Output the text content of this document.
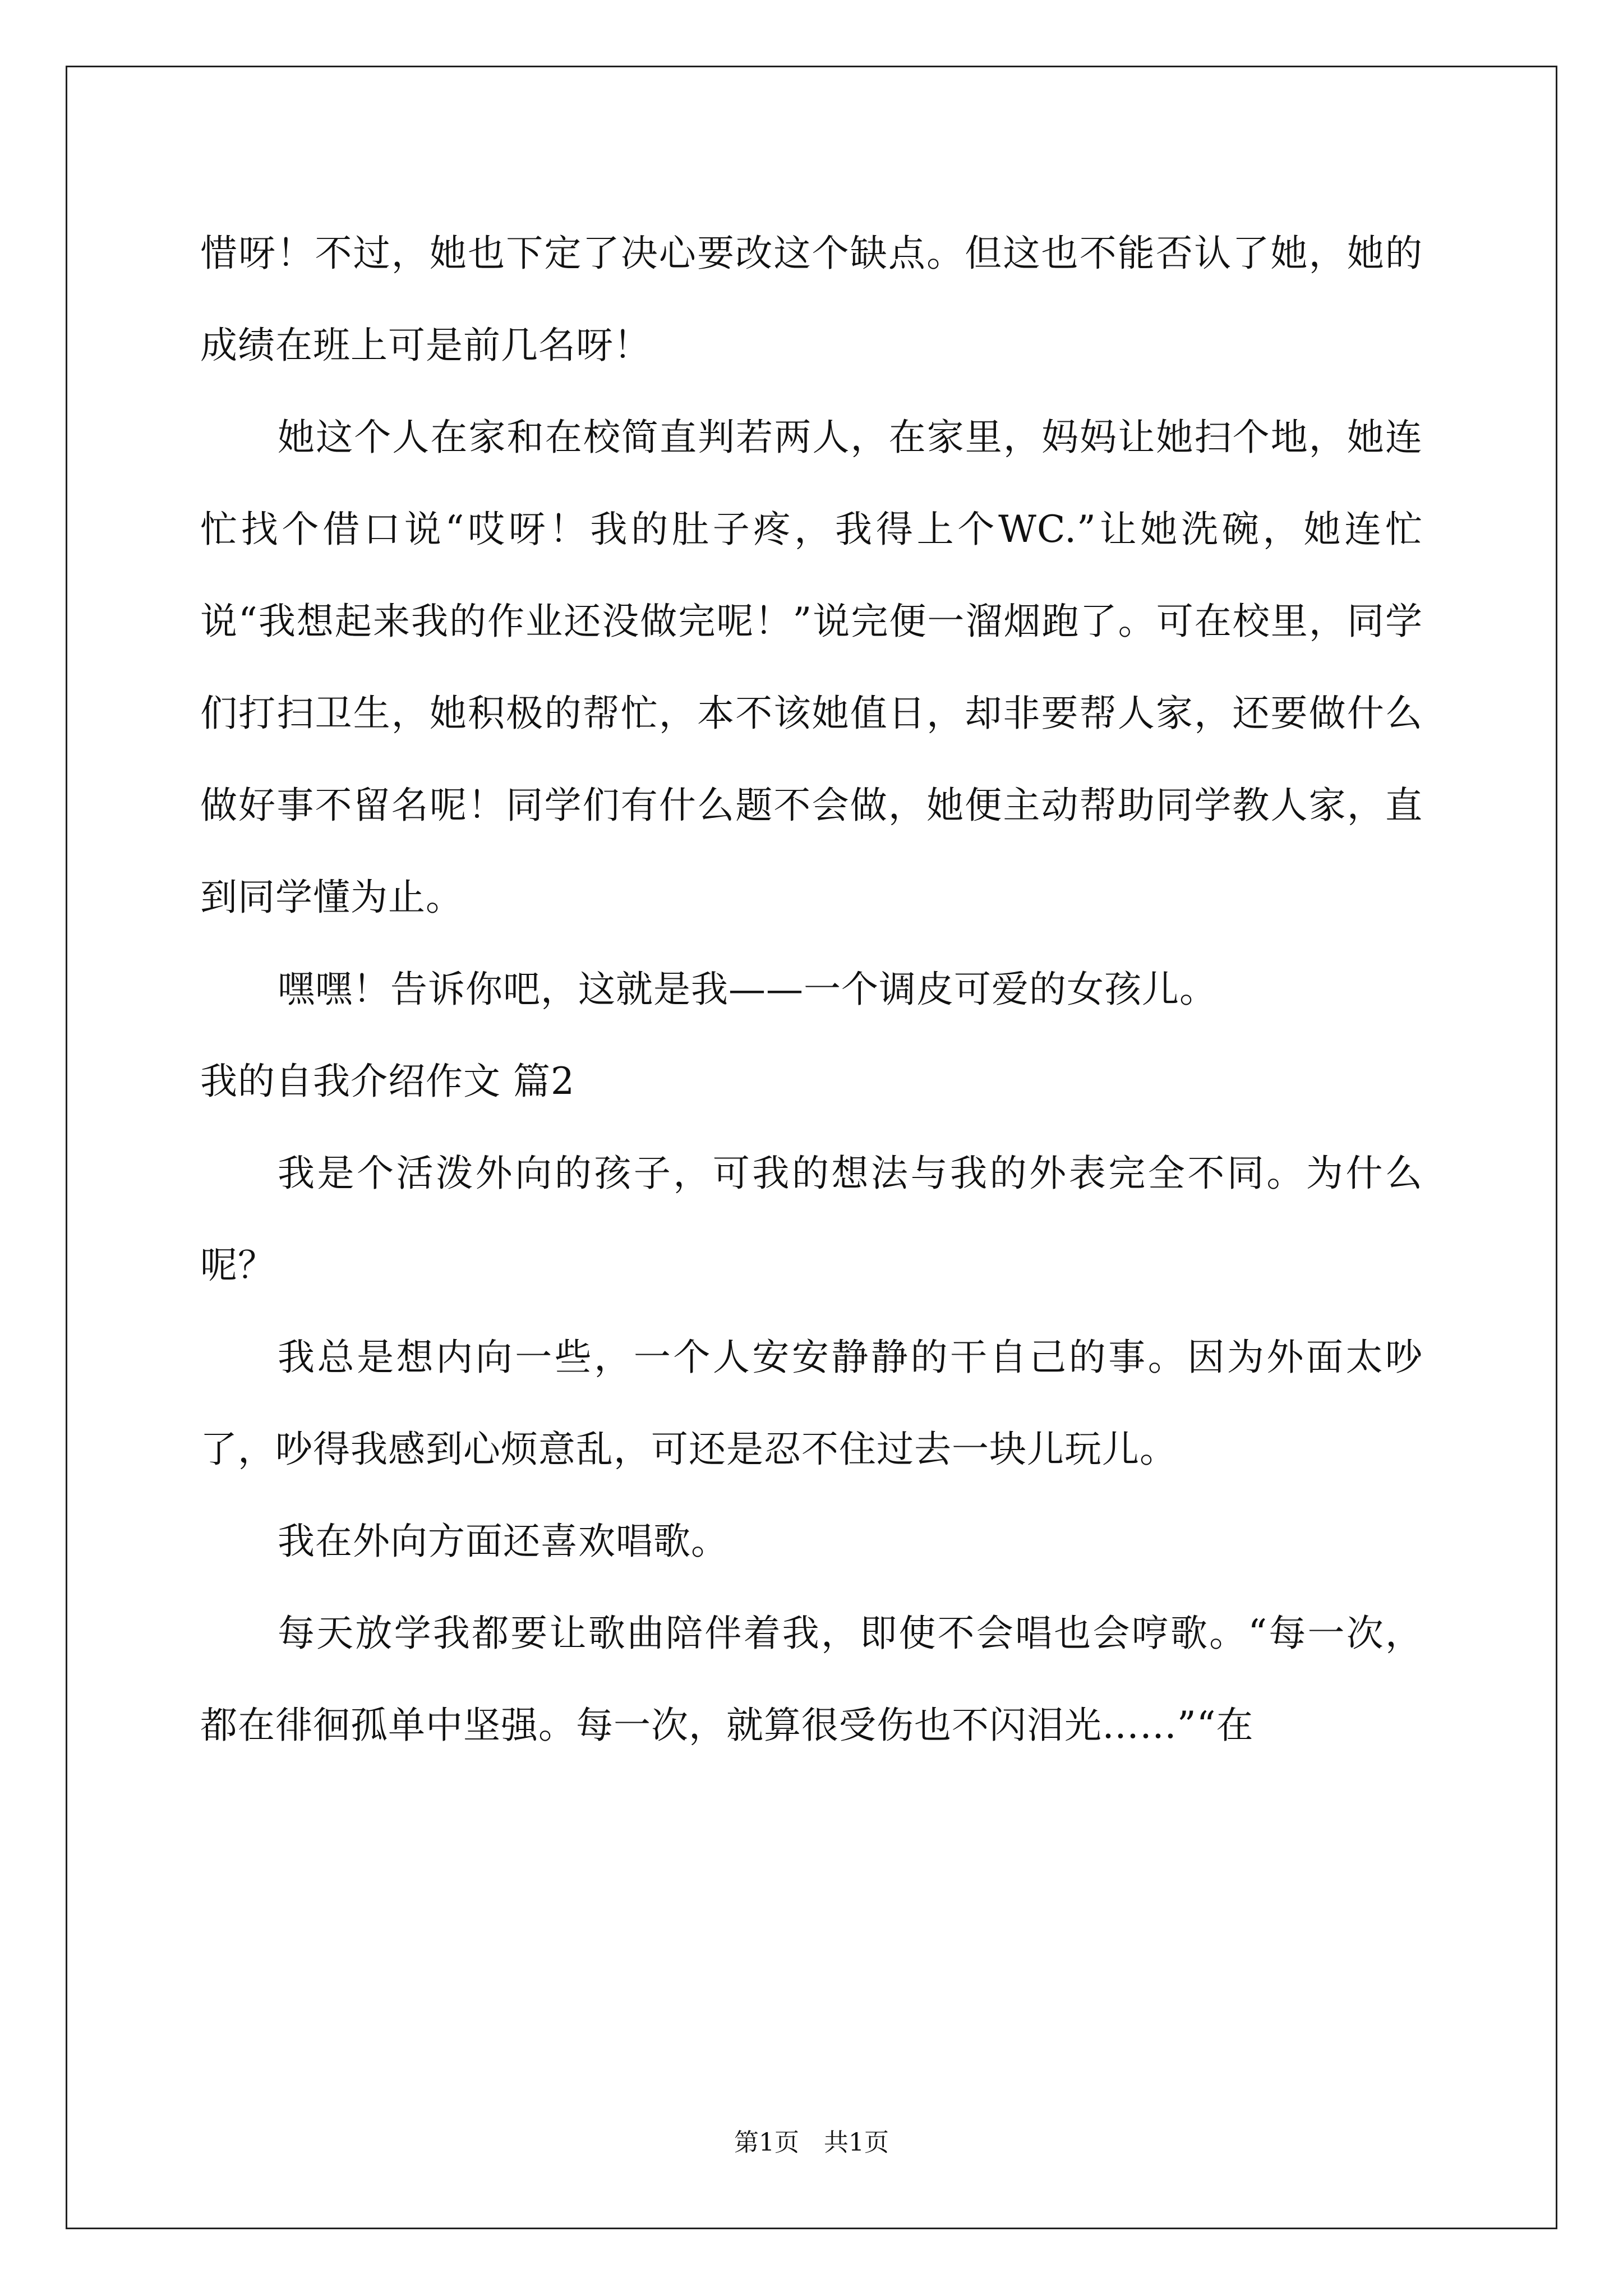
惜呀！不过，她也下定了决心要改这个缺点。但这也不能否认了她，她的成绩在班上可是前几名呀！

她这个人在家和在校简直判若两人，在家里，妈妈让她扫个地，她连忙找个借口说“哎呀！我的肚子疼，我得上个WC.”让她洗碗，她连忙说“我想起来我的作业还没做完呢！”说完便一溜烟跑了。可在校里，同学们打扫卫生，她积极的帮忙，本不该她值日，却非要帮人家，还要做什么做好事不留名呢！同学们有什么题不会做，她便主动帮助同学教人家，直到同学懂为止。

嘿嘿！告诉你吧，这就是我——一个调皮可爱的女孩儿。

我的自我介绍作文 篇2

我是个活泼外向的孩子，可我的想法与我的外表完全不同。为什么呢？

我总是想内向一些，一个人安安静静的干自己的事。因为外面太吵了，吵得我感到心烦意乱，可还是忍不住过去一块儿玩儿。

我在外向方面还喜欢唱歌。

每天放学我都要让歌曲陪伴着我，即使不会唱也会哼歌。“每一次，都在徘徊孤单中坚强。每一次，就算很受伤也不闪泪光……”“在

第1页　共1页
